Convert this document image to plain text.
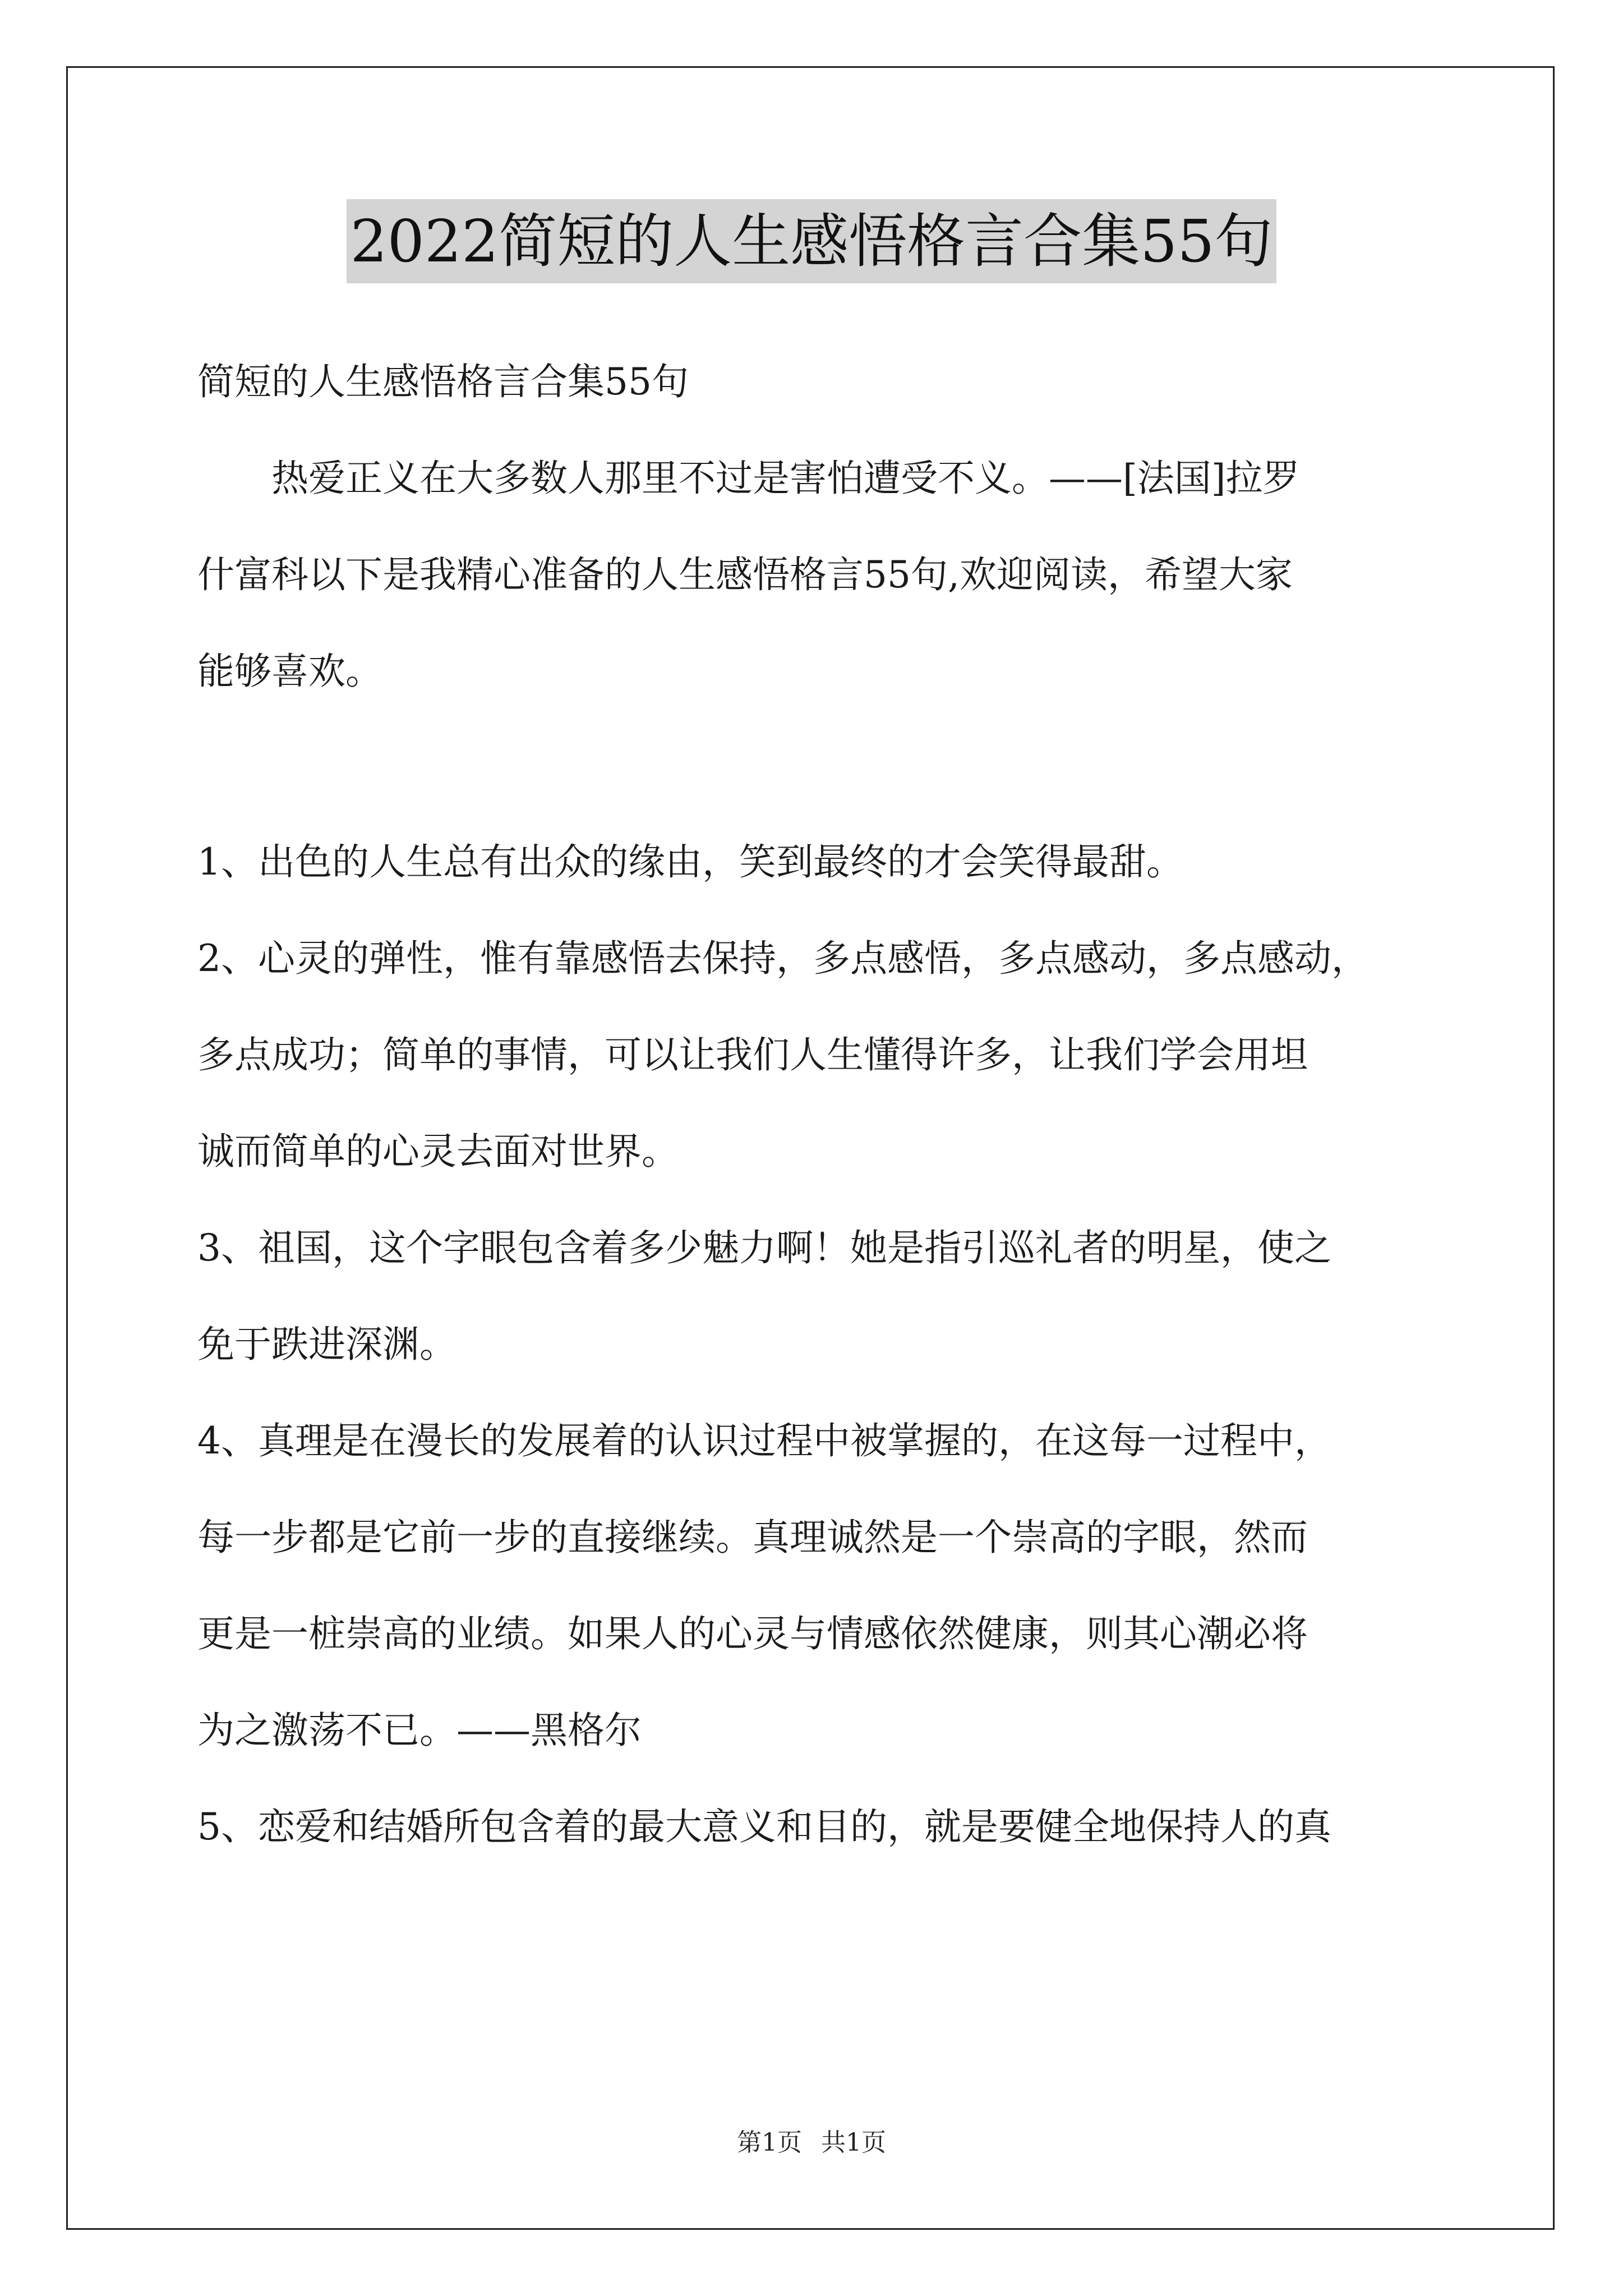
2022简短的人生感悟格言合集55句
简短的人生感悟格言合集55句
热爱正义在大多数人那里不过是害怕遭受不义。——[法国]拉罗
什富科以下是我精心准备的人生感悟格言55句,欢迎阅读，希望大家
能够喜欢。
1、出色的人生总有出众的缘由，笑到最终的才会笑得最甜。
2、心灵的弹性，惟有靠感悟去保持，多点感悟，多点感动，多点感动，
多点成功；简单的事情，可以让我们人生懂得许多，让我们学会用坦
诚而简单的心灵去面对世界。
3、祖国，这个字眼包含着多少魅力啊！她是指引巡礼者的明星，使之
免于跌进深渊。
4、真理是在漫长的发展着的认识过程中被掌握的，在这每一过程中，
每一步都是它前一步的直接继续。真理诚然是一个崇高的字眼，然而
更是一桩崇高的业绩。如果人的心灵与情感依然健康，则其心潮必将
为之激荡不已。——黑格尔
5、恋爱和结婚所包含着的最大意义和目的，就是要健全地保持人的真
第1页 共1页
